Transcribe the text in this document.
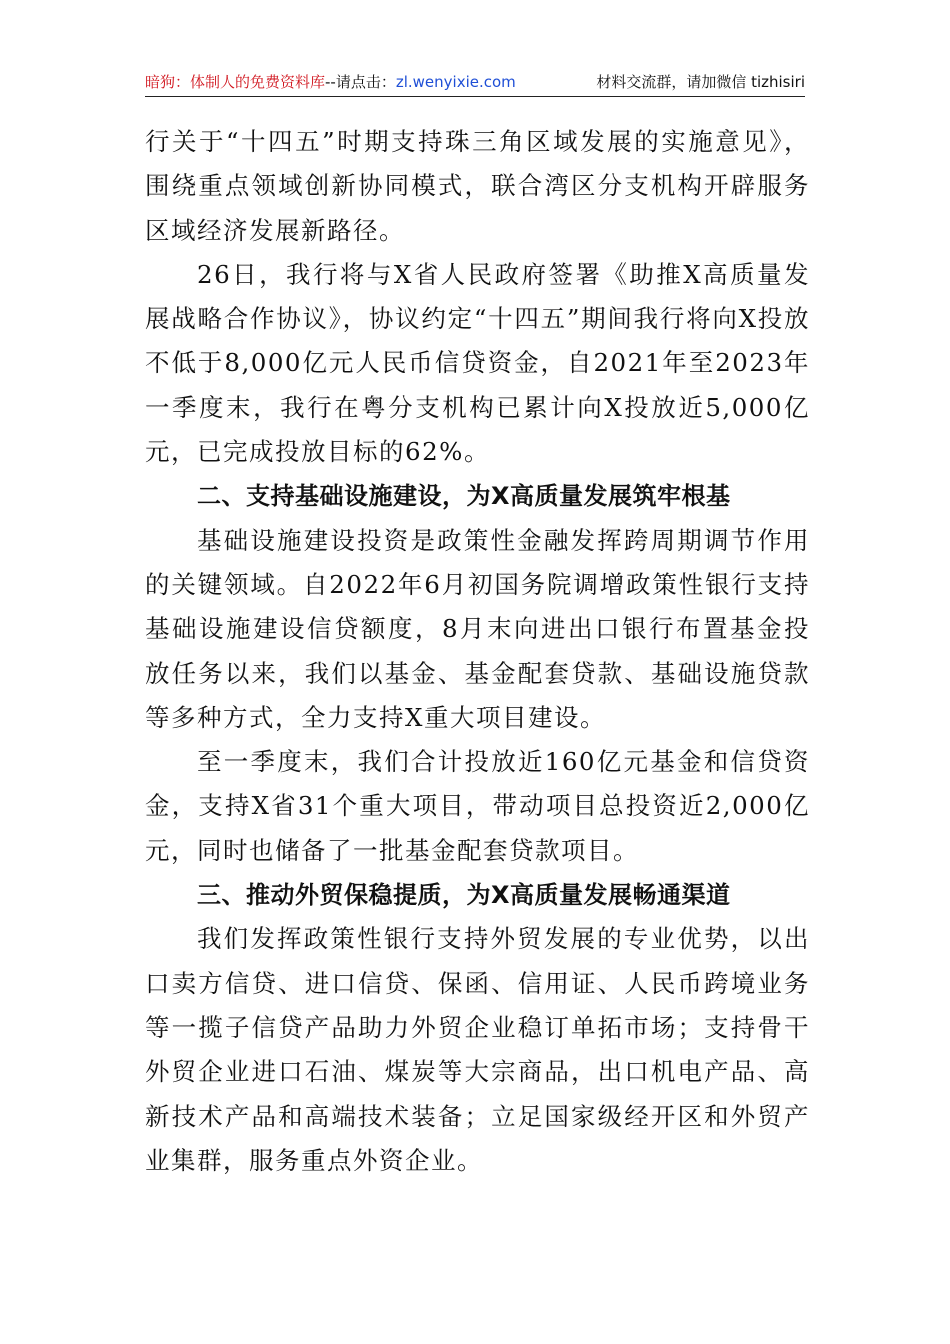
暗狗：体制人的免费资料库--请点击：zl.wenyixie.com	材料交流群，请加微信 tizhisiri

行关于“十四五”时期支持珠三角区域发展的实施意见》，围绕重点领域创新协同模式，联合湾区分支机构开辟服务区域经济发展新路径。

26日，我行将与X省人民政府签署《助推X高质量发展战略合作协议》，协议约定“十四五”期间我行将向X投放不低于8,000亿元人民币信贷资金，自2021年至2023年一季度末，我行在粤分支机构已累计向X投放近5,000亿元，已完成投放目标的62%。

二、支持基础设施建设，为X高质量发展筑牢根基

基础设施建设投资是政策性金融发挥跨周期调节作用的关键领域。自2022年6月初国务院调增政策性银行支持基础设施建设信贷额度，8月末向进出口银行布置基金投放任务以来，我们以基金、基金配套贷款、基础设施贷款等多种方式，全力支持X重大项目建设。

至一季度末，我们合计投放近160亿元基金和信贷资金，支持X省31个重大项目，带动项目总投资近2,000亿元，同时也储备了一批基金配套贷款项目。

三、推动外贸保稳提质，为X高质量发展畅通渠道

我们发挥政策性银行支持外贸发展的专业优势，以出口卖方信贷、进口信贷、保函、信用证、人民币跨境业务等一揽子信贷产品助力外贸企业稳订单拓市场；支持骨干外贸企业进口石油、煤炭等大宗商品，出口机电产品、高新技术产品和高端技术装备；立足国家级经开区和外贸产业集群，服务重点外资企业。
